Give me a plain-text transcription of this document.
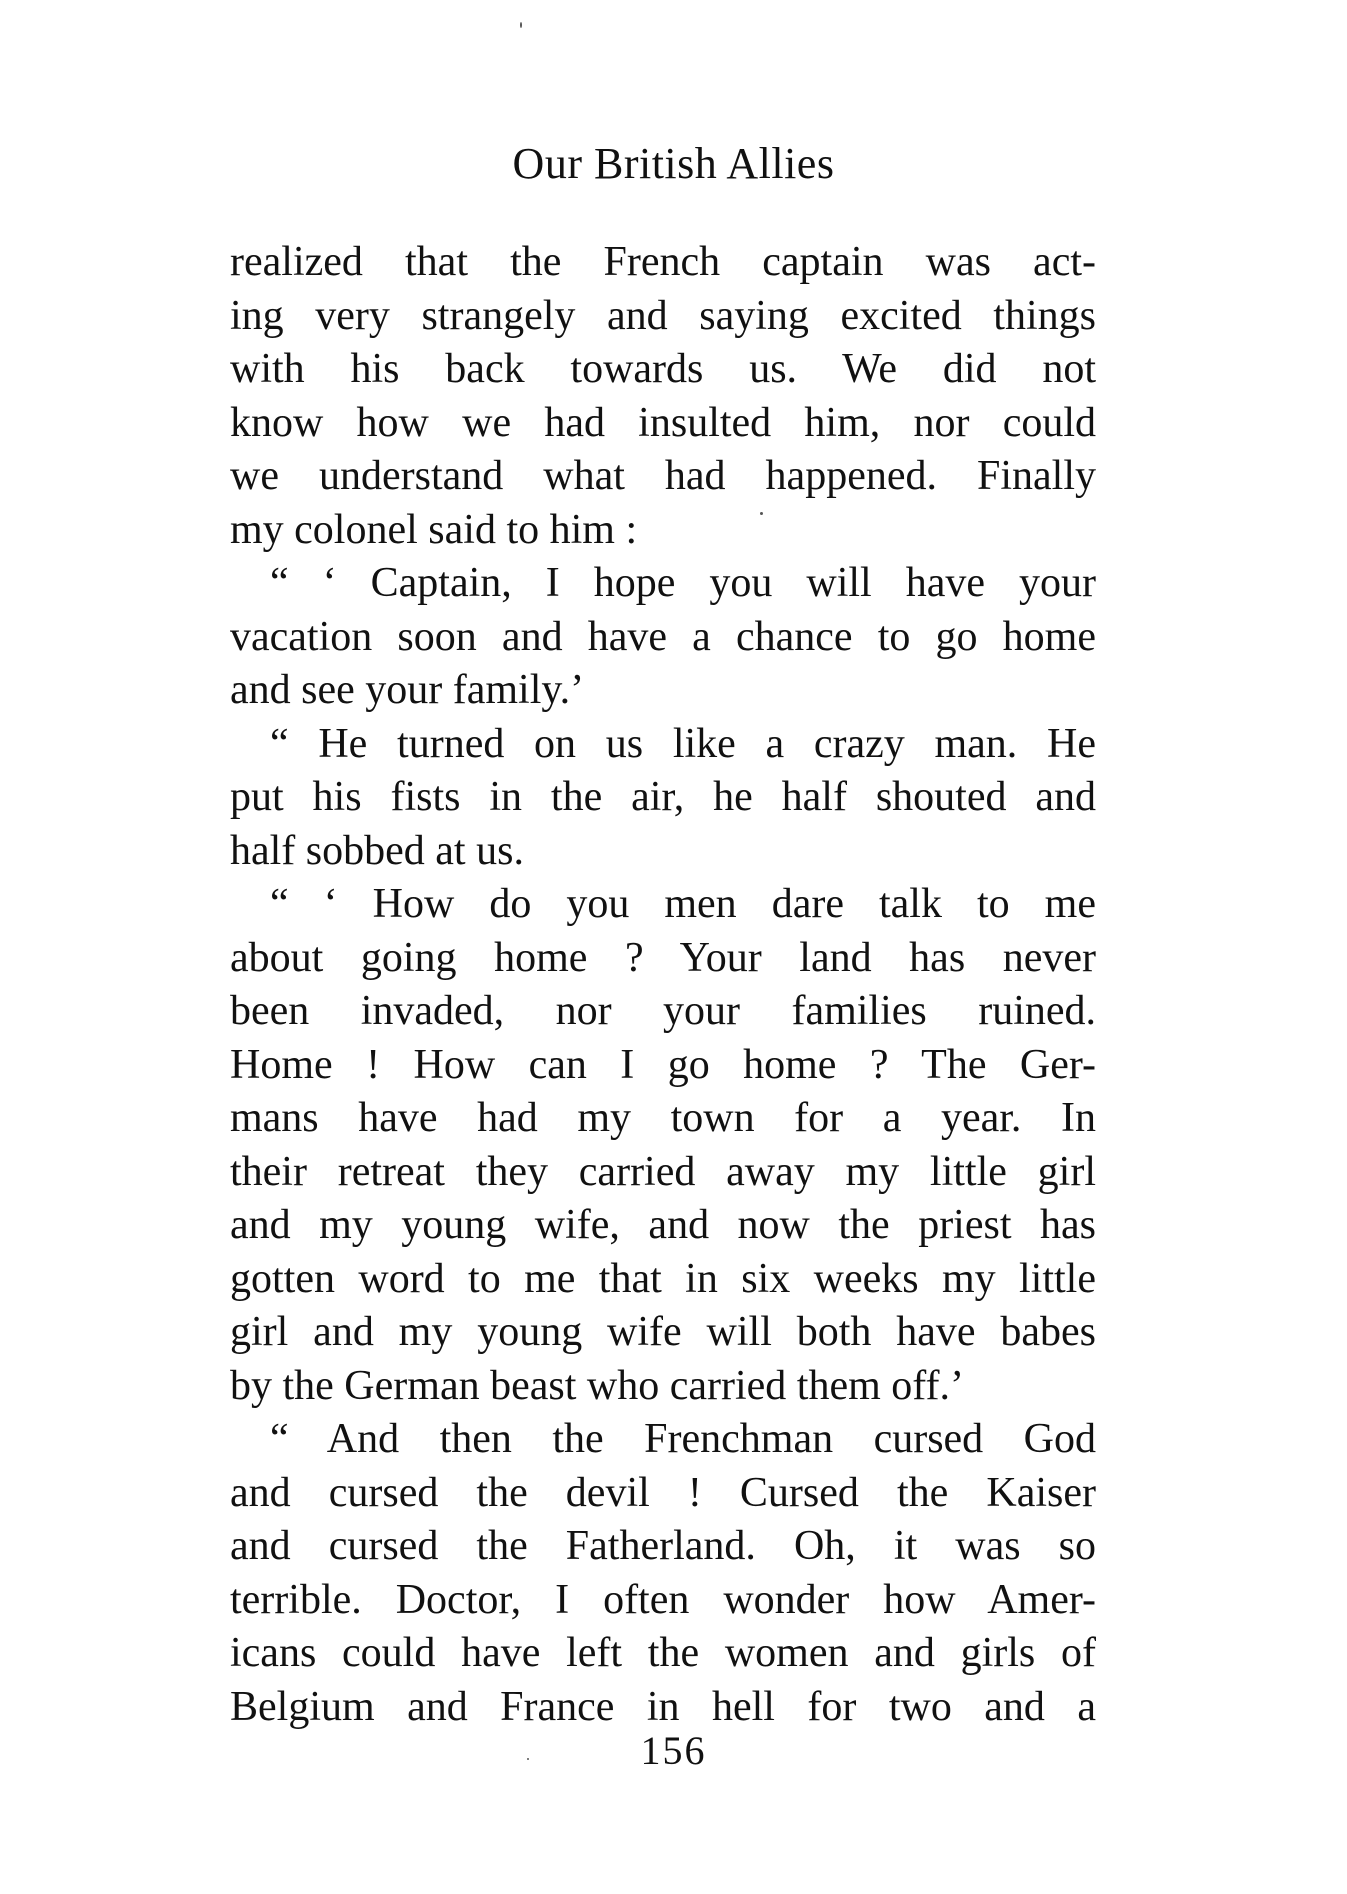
Our British Allies
realized that the French captain was act-
ing very strangely and saying excited things
with his back towards us. We did not
know how we had insulted him, nor could
we understand what had happened. Finally
my colonel said to him :
“ ‘ Captain, I hope you will have your
vacation soon and have a chance to go home
and see your family.’
“ He turned on us like a crazy man. He
put his fists in the air, he half shouted and
half sobbed at us.
“ ‘ How do you men dare talk to me
about going home ? Your land has never
been invaded, nor your families ruined.
Home ! How can I go home ? The Ger-
mans have had my town for a year. In
their retreat they carried away my little girl
and my young wife, and now the priest has
gotten word to me that in six weeks my little
girl and my young wife will both have babes
by the German beast who carried them off.’
“ And then the Frenchman cursed God
and cursed the devil ! Cursed the Kaiser
and cursed the Fatherland. Oh, it was so
terrible. Doctor, I often wonder how Amer-
icans could have left the women and girls of
Belgium and France in hell for two and a
156
